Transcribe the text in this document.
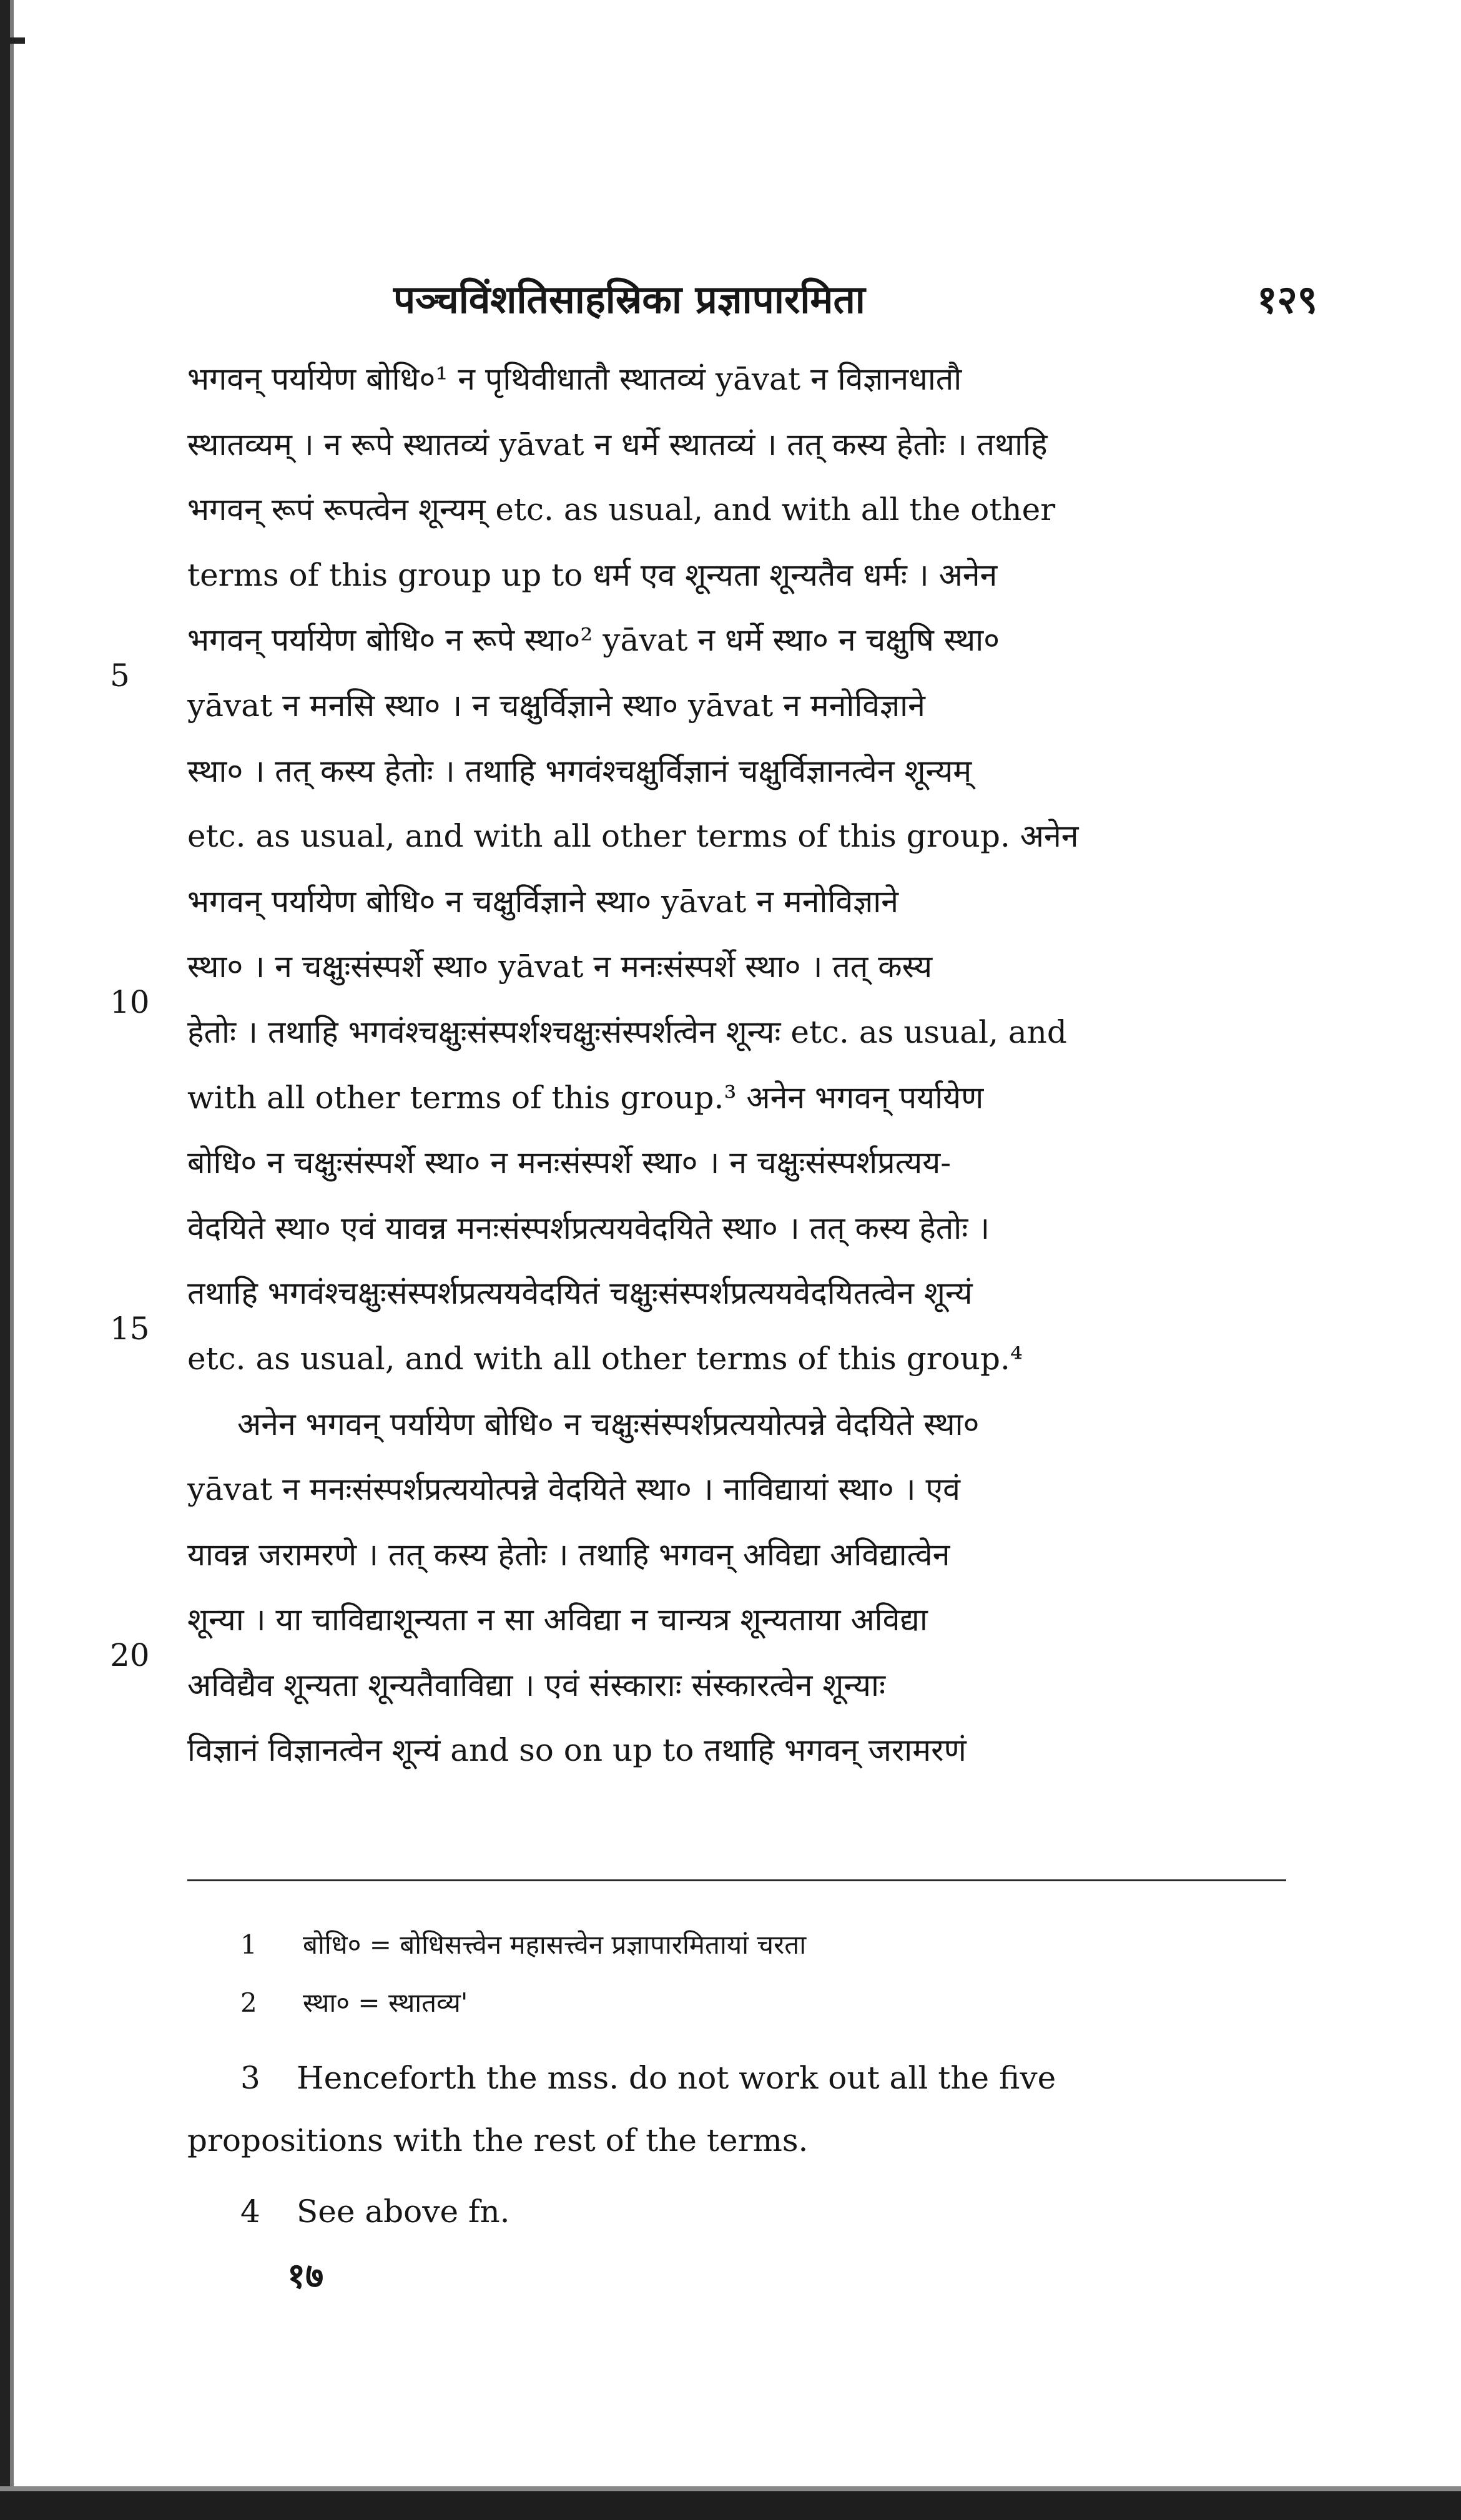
पञ्चविंशतिसाहस्रिका प्रज्ञापारमिता	१२९
5
10
15
20
भगवन् पर्यायेण बोधि०¹ न पृथिवीधातौ स्थातव्यं yāvat न विज्ञानधातौ
स्थातव्यम् । न रूपे स्थातव्यं yāvat न धर्मे स्थातव्यं । तत् कस्य हेतोः । तथाहि
भगवन् रूपं रूपत्वेन शून्यम् etc. as usual, and with all the other
terms of this group up to धर्म एव शून्यता शून्यतैव धर्मः । अनेन
भगवन् पर्यायेण बोधि० न रूपे स्था०² yāvat न धर्मे स्था० न चक्षुषि स्था०
yāvat न मनसि स्था० । न चक्षुर्विज्ञाने स्था० yāvat न मनोविज्ञाने
स्था० । तत् कस्य हेतोः । तथाहि भगवंश्चक्षुर्विज्ञानं चक्षुर्विज्ञानत्वेन शून्यम्
etc. as usual, and with all other terms of this group. अनेन
भगवन् पर्यायेण बोधि० न चक्षुर्विज्ञाने स्था० yāvat न मनोविज्ञाने
स्था० । न चक्षुःसंस्पर्शे स्था० yāvat न मनःसंस्पर्शे स्था० । तत् कस्य
हेतोः । तथाहि भगवंश्चक्षुःसंस्पर्शश्चक्षुःसंस्पर्शत्वेन शून्यः etc. as usual, and
with all other terms of this group.³ अनेन भगवन् पर्यायेण
बोधि० न चक्षुःसंस्पर्शे स्था० न मनःसंस्पर्शे स्था० । न चक्षुःसंस्पर्शप्रत्यय-
वेदयिते स्था० एवं यावन्न मनःसंस्पर्शप्रत्ययवेदयिते स्था० । तत् कस्य हेतोः ।
तथाहि भगवंश्चक्षुःसंस्पर्शप्रत्ययवेदयितं चक्षुःसंस्पर्शप्रत्ययवेदयितत्वेन शून्यं
etc. as usual, and with all other terms of this group.⁴
अनेन भगवन् पर्यायेण बोधि० न चक्षुःसंस्पर्शप्रत्ययोत्पन्ने वेदयिते स्था०
yāvat न मनःसंस्पर्शप्रत्ययोत्पन्ने वेदयिते स्था० । नाविद्यायां स्था० । एवं
यावन्न जरामरणे । तत् कस्य हेतोः । तथाहि भगवन् अविद्या अविद्यात्वेन
शून्या । या चाविद्याशून्यता न सा अविद्या न चान्यत्र शून्यताया अविद्या
अविद्यैव शून्यता शून्यतैवाविद्या । एवं संस्काराः संस्कारत्वेन शून्याः
विज्ञानं विज्ञानत्वेन शून्यं and so on up to तथाहि भगवन् जरामरणं
1 बोधि० = बोधिसत्त्वेन महासत्त्वेन प्रज्ञापारमितायां चरता
2 स्था० = स्थातव्य'
3 Henceforth the mss. do not work out all the five
propositions with the rest of the terms.
4 See above fn.
१७
